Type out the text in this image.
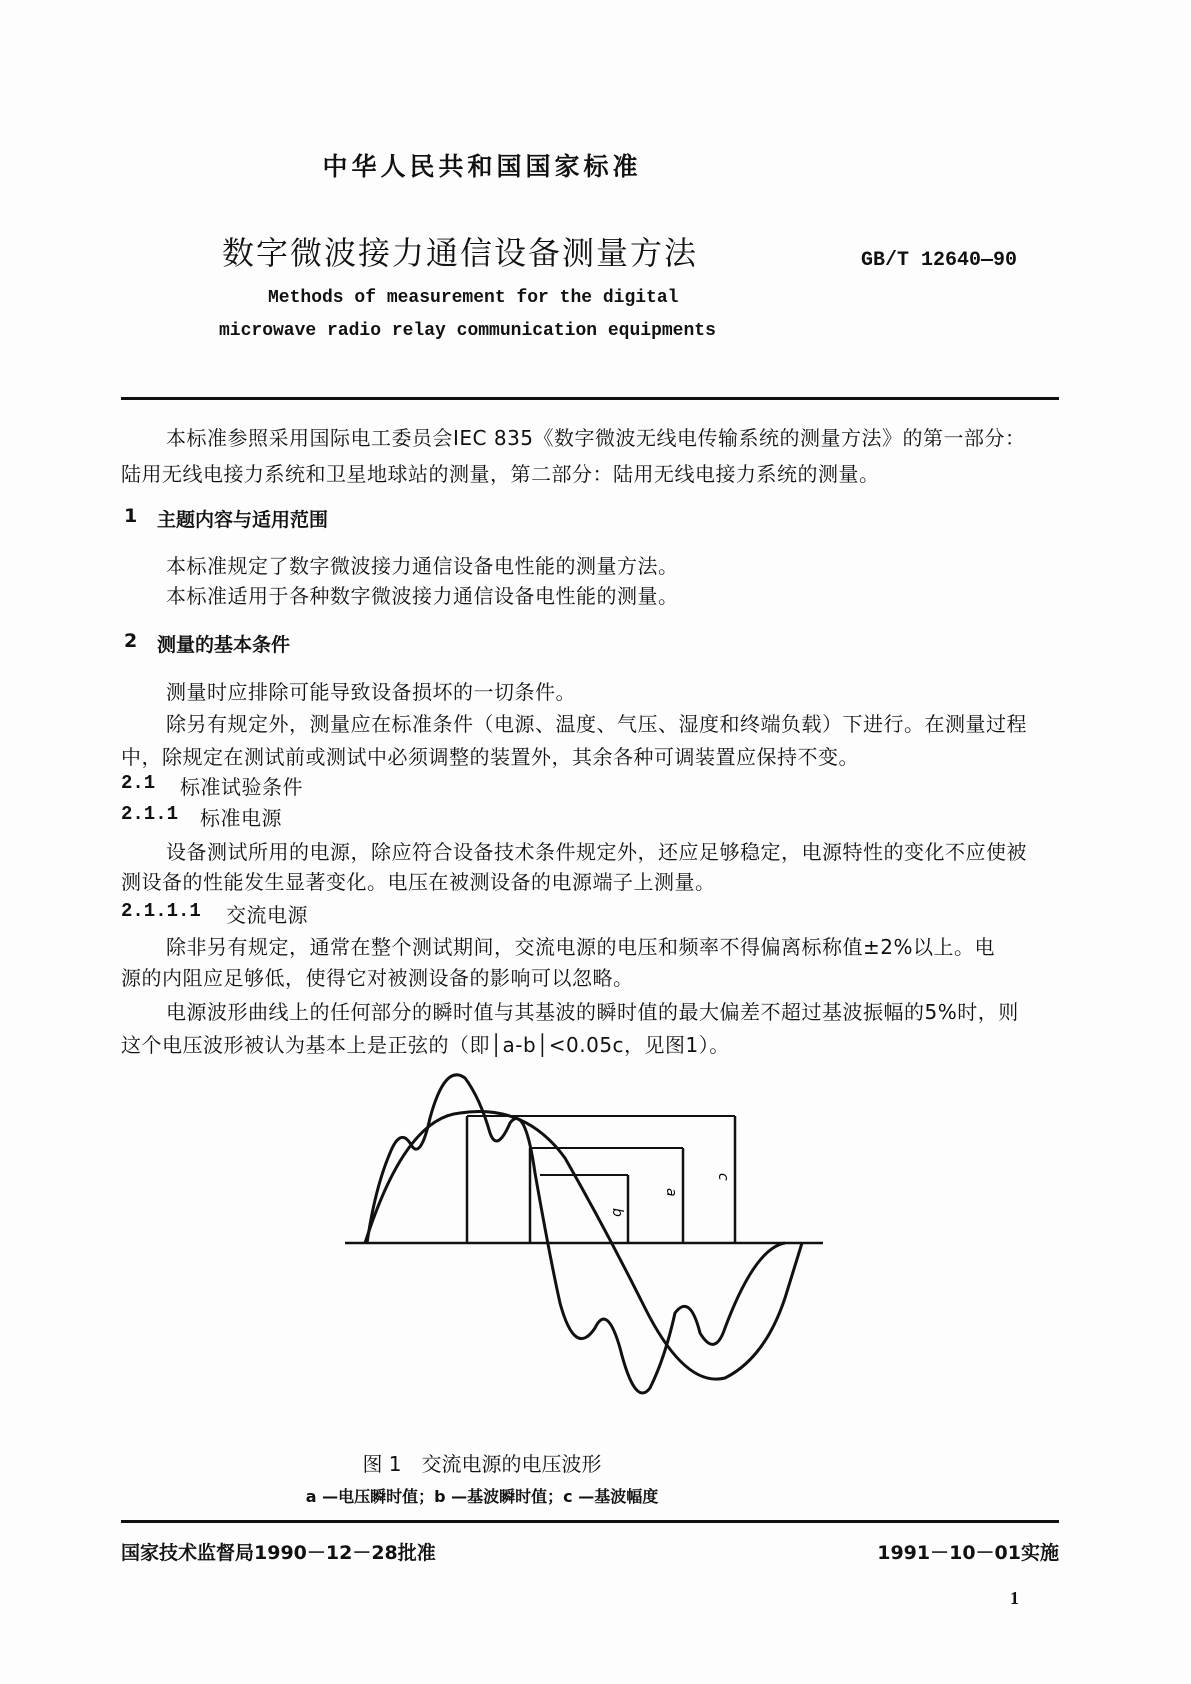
中华人民共和国国家标准
数字微波接力通信设备测量方法	GB/T 12640—90
Methods of measurement for the digital
microwave radio relay communication equipments
本标准参照采用国际电工委员会IEC 835《数字微波无线电传输系统的测量方法》的第一部分：
陆用无线电接力系统和卫星地球站的测量，第二部分：陆用无线电接力系统的测量。
1 主题内容与适用范围
本标准规定了数字微波接力通信设备电性能的测量方法。
本标准适用于各种数字微波接力通信设备电性能的测量。
2 测量的基本条件
测量时应排除可能导致设备损坏的一切条件。
除另有规定外，测量应在标准条件（电源、温度、气压、湿度和终端负载）下进行。在测量过程
中，除规定在测试前或测试中必须调整的装置外，其余各种可调装置应保持不变。
2.1 标准试验条件
2.1.1 标准电源
设备测试所用的电源，除应符合设备技术条件规定外，还应足够稳定，电源特性的变化不应使被
测设备的性能发生显著变化。电压在被测设备的电源端子上测量。
2.1.1.1 交流电源
除非另有规定，通常在整个测试期间，交流电源的电压和频率不得偏离标称值±2%以上。电
源的内阻应足够低，使得它对被测设备的影响可以忽略。
电源波形曲线上的任何部分的瞬时值与其基波的瞬时值的最大偏差不超过基波振幅的5%时，则
这个电压波形被认为基本上是正弦的（即│a-b│<0.05c，见图1）。
b
a
c
图 1　交流电源的电压波形
a —电压瞬时值；b —基波瞬时值；c —基波幅度
国家技术监督局1990－12－28批准	1991－10－01实施
1
